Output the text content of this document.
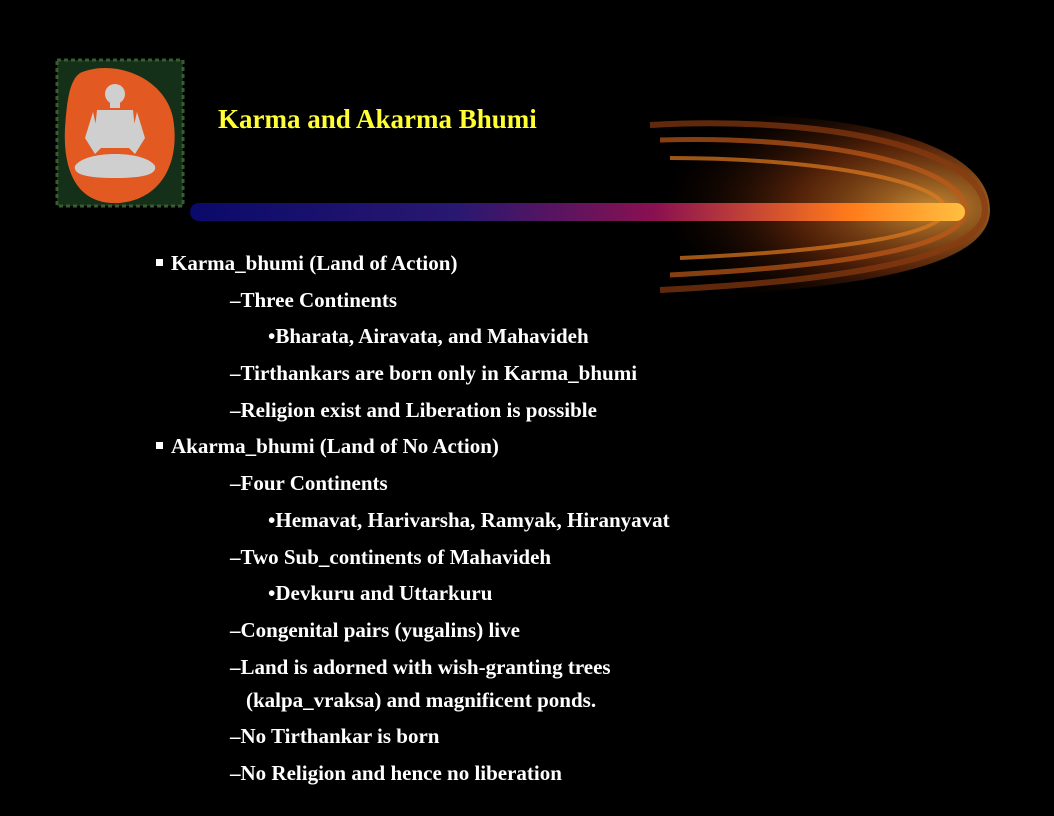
Karma and Akarma Bhumi
Karma_bhumi (Land of Action)
–Three Continents
•Bharata, Airavata, and Mahavideh
–Tirthankars are born only in Karma_bhumi
–Religion exist and Liberation is possible
Akarma_bhumi (Land of No Action)
–Four Continents
•Hemavat, Harivarsha, Ramyak, Hiranyavat
–Two Sub_continents of Mahavideh
•Devkuru and Uttarkuru
–Congenital pairs (yugalins) live
–Land is adorned with wish-granting trees
(kalpa_vraksa) and magnificent ponds.
–No Tirthankar is born
–No Religion and hence no liberation
